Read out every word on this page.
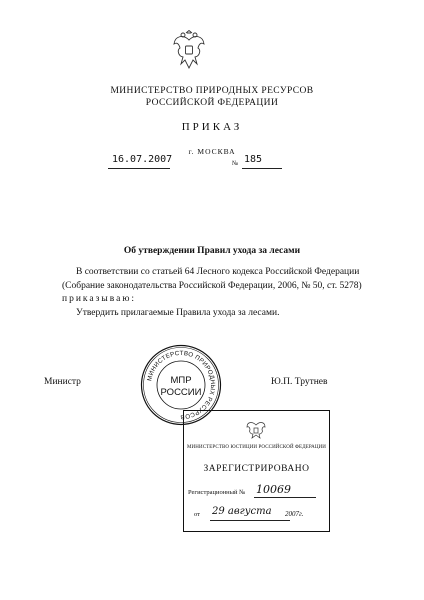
МИНИСТЕРСТВО ПРИРОДНЫХ РЕСУРСОВ
РОССИЙСКОЙ ФЕДЕРАЦИИ
ПРИКАЗ
г. МОСКВА
16.07.2007	№ 185
Об утверждении Правил ухода за лесами

В соответствии со статьей 64 Лесного кодекса Российской Федерации (Собрание законодательства Российской Федерации, 2006, № 50, ст. 5278)

приказываю:

Утвердить прилагаемые Правила ухода за лесами.

Министр	Ю.П. Трутнев
МИНИСТЕРСТВО ЮСТИЦИИ РОССИЙСКОЙ ФЕДЕРАЦИИ
ЗАРЕГИСТРИРОВАНО
Регистрационный № 10069
от 29 августа 2007г.
МИНИСТЕРСТВО ПРИРОДНЫХ РЕСУРСОВ
МПР
РОССИИ
